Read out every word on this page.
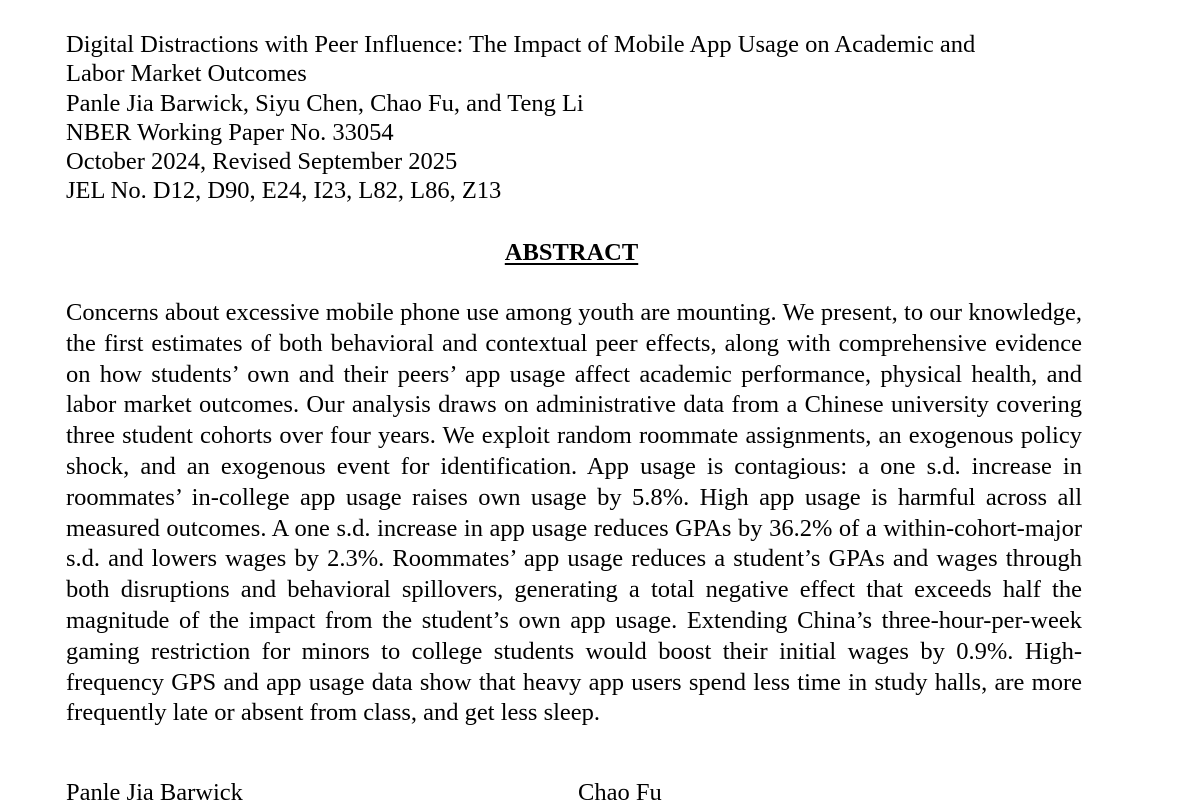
Digital Distractions with Peer Influence: The Impact of Mobile App Usage on Academic and
Labor Market Outcomes
Panle Jia Barwick, Siyu Chen, Chao Fu, and Teng Li
NBER Working Paper No. 33054
October 2024, Revised September 2025
JEL No. D12, D90, E24, I23, L82, L86, Z13
ABSTRACT
Concerns about excessive mobile phone use among youth are mounting. We present, to our knowledge, the first estimates of both behavioral and contextual peer effects, along with comprehensive evidence on how students’ own and their peers’ app usage affect academic performance, physical health, and labor market outcomes. Our analysis draws on administrative data from a Chinese university covering three student cohorts over four years. We exploit random roommate assignments, an exogenous policy shock, and an exogenous event for identification. App usage is contagious: a one s.d. increase in roommates’ in-college app usage raises own usage by 5.8%. High app usage is harmful across all measured outcomes. A one s.d. increase in app usage reduces GPAs by 36.2% of a within-cohort-major s.d. and lowers wages by 2.3%. Roommates’ app usage reduces a student’s GPAs and wages through both disruptions and behavioral spillovers, generating a total negative effect that exceeds half the magnitude of the impact from the student’s own app usage. Extending China’s three-hour-per-week gaming restriction for minors to college students would boost their initial wages by 0.9%. High-frequency GPS and app usage data show that heavy app users spend less time in study halls, are more frequently late or absent from class, and get less sleep.
Panle Jia Barwick	Chao Fu
